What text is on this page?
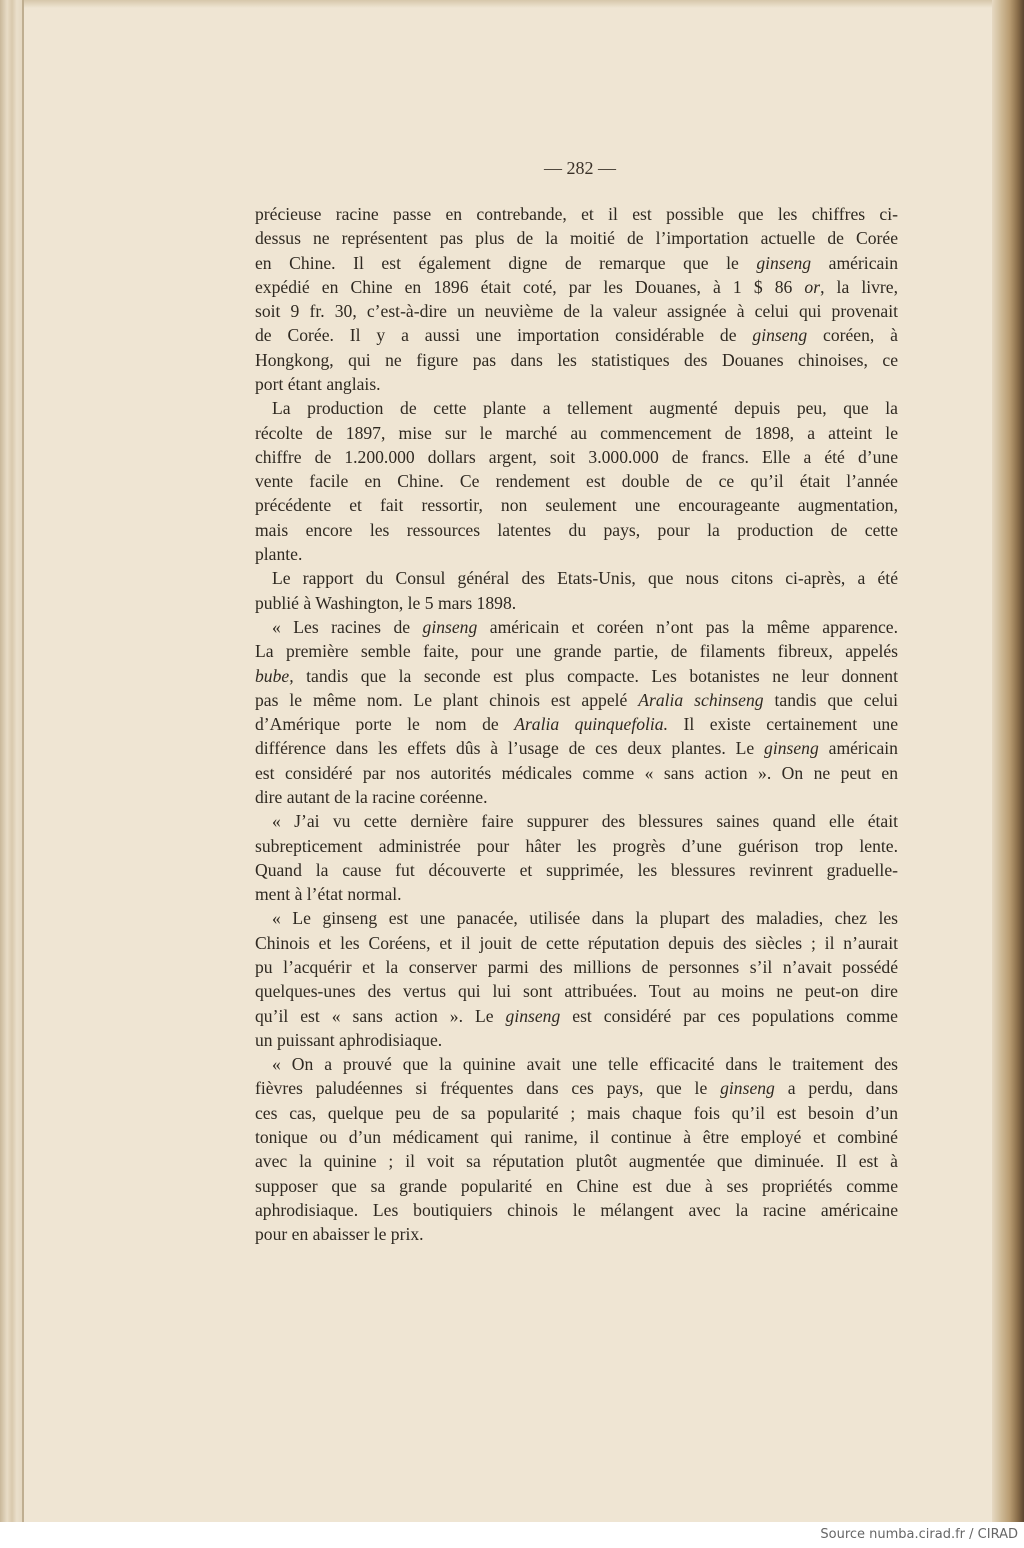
— 282 —
précieuse racine passe en contrebande, et il est possible que les chiffres ci-
dessus ne représentent pas plus de la moitié de l’importation actuelle de Corée
en Chine. Il est également digne de remarque que le ginseng américain
expédié en Chine en 1896 était coté, par les Douanes, à 1 $ 86 or, la livre,
soit 9 fr. 30, c’est-à-dire un neuvième de la valeur assignée à celui qui provenait
de Corée. Il y a aussi une importation considérable de ginseng coréen, à
Hongkong, qui ne figure pas dans les statistiques des Douanes chinoises, ce
port étant anglais.
La production de cette plante a tellement augmenté depuis peu, que la
récolte de 1897, mise sur le marché au commencement de 1898, a atteint le
chiffre de 1.200.000 dollars argent, soit 3.000.000 de francs. Elle a été d’une
vente facile en Chine. Ce rendement est double de ce qu’il était l’année
précédente et fait ressortir, non seulement une encourageante augmentation,
mais encore les ressources latentes du pays, pour la production de cette
plante.
Le rapport du Consul général des Etats-Unis, que nous citons ci-après, a été
publié à Washington, le 5 mars 1898.
« Les racines de ginseng américain et coréen n’ont pas la même apparence.
La première semble faite, pour une grande partie, de filaments fibreux, appelés
bube, tandis que la seconde est plus compacte. Les botanistes ne leur donnent
pas le même nom. Le plant chinois est appelé Aralia schinseng tandis que celui
d’Amérique porte le nom de Aralia quinquefolia. Il existe certainement une
différence dans les effets dûs à l’usage de ces deux plantes. Le ginseng américain
est considéré par nos autorités médicales comme « sans action ». On ne peut en
dire autant de la racine coréenne.
« J’ai vu cette dernière faire suppurer des blessures saines quand elle était
subrepticement administrée pour hâter les progrès d’une guérison trop lente.
Quand la cause fut découverte et supprimée, les blessures revinrent graduelle-
ment à l’état normal.
« Le ginseng est une panacée, utilisée dans la plupart des maladies, chez les
Chinois et les Coréens, et il jouit de cette réputation depuis des siècles ; il n’aurait
pu l’acquérir et la conserver parmi des millions de personnes s’il n’avait possédé
quelques-unes des vertus qui lui sont attribuées. Tout au moins ne peut-on dire
qu’il est « sans action ». Le ginseng est considéré par ces populations comme
un puissant aphrodisiaque.
« On a prouvé que la quinine avait une telle efficacité dans le traitement des
fièvres paludéennes si fréquentes dans ces pays, que le ginseng a perdu, dans
ces cas, quelque peu de sa popularité ; mais chaque fois qu’il est besoin d’un
tonique ou d’un médicament qui ranime, il continue à être employé et combiné
avec la quinine ; il voit sa réputation plutôt augmentée que diminuée. Il est à
supposer que sa grande popularité en Chine est due à ses propriétés comme
aphrodisiaque. Les boutiquiers chinois le mélangent avec la racine américaine
pour en abaisser le prix.
Source numba.cirad.fr / CIRAD
